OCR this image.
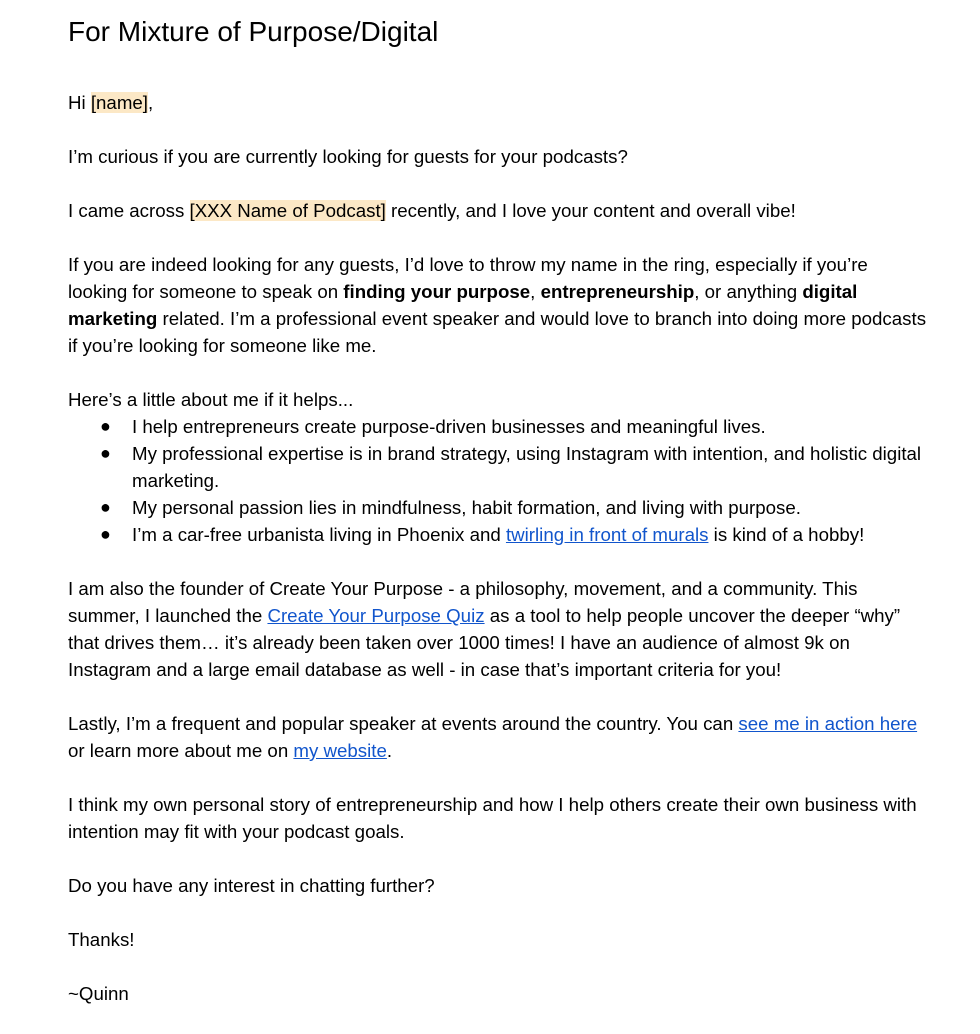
For Mixture of Purpose/Digital

Hi [name],

I’m curious if you are currently looking for guests for your podcasts?

I came across [XXX Name of Podcast] recently, and I love your content and overall vibe!

If you are indeed looking for any guests, I’d love to throw my name in the ring, especially if you’re looking for someone to speak on finding your purpose, entrepreneurship, or anything digital marketing related. I’m a professional event speaker and would love to branch into doing more podcasts if you’re looking for someone like me.

Here’s a little about me if it helps...
● I help entrepreneurs create purpose-driven businesses and meaningful lives.
● My professional expertise is in brand strategy, using Instagram with intention, and holistic digital marketing.
● My personal passion lies in mindfulness, habit formation, and living with purpose.
● I’m a car-free urbanista living in Phoenix and twirling in front of murals is kind of a hobby!

I am also the founder of Create Your Purpose - a philosophy, movement, and a community. This summer, I launched the Create Your Purpose Quiz as a tool to help people uncover the deeper “why” that drives them… it’s already been taken over 1000 times! I have an audience of almost 9k on Instagram and a large email database as well - in case that’s important criteria for you!

Lastly, I’m a frequent and popular speaker at events around the country. You can see me in action here or learn more about me on my website.

I think my own personal story of entrepreneurship and how I help others create their own business with intention may fit with your podcast goals.

Do you have any interest in chatting further?

Thanks!

~Quinn
